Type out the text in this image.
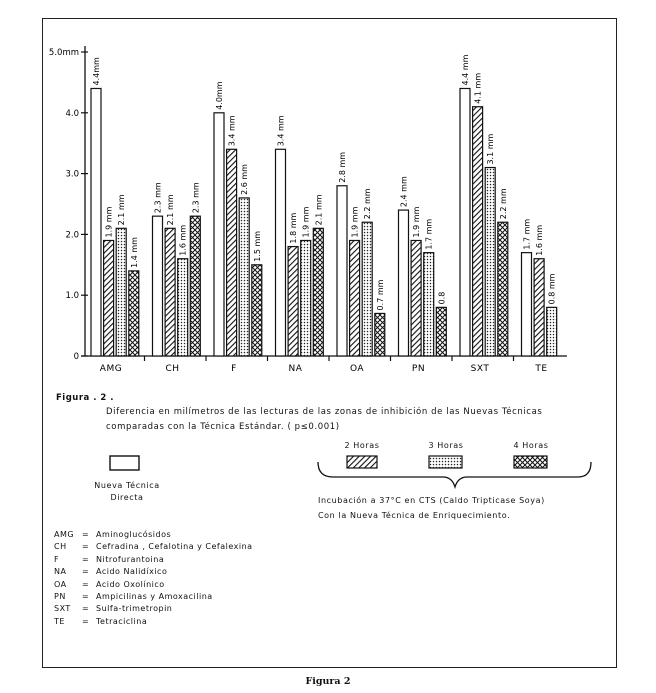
0
1.0
2.0
3.0
4.0
5.0mm
4.4mm
1.9 mm 2.1 mm
1.4 mm
2.3 mm 2.1 mm
1.6 mm
2.3 mm
4.0mm
3.4 mm
2.6 mm
1.5 mm
3.4 mm
1.8 mm 1.9 mm 2.1 mm
2.8 mm
1.9 mm
2.2 mm
0.7 mm
2.4 mm
1.9 mm 1.7 mm
0.8
4.4 mm
4.1 mm
3.1 mm
2.2 mm
1.7 mm 1.6 mm
0.8 mm
AMG	CH	F	NA	OA	PN	SXT	TE
Figura . 2 .
Diferencia en milímetros de las lecturas de las zonas de inhibición de las Nuevas Técnicas
comparadas con la Técnica Estándar. ( p≤0.001)
Nueva Técnica
Directa
2 Horas	3 Horas	4 Horas
Incubación a 37°C en CTS (Caldo Tripticase Soya)
Con la Nueva Técnica de Enriquecimiento.
AMG = Aminoglucósidos
CH	= Cefradina , Cefalotina y Cefalexina
F	= Nitrofurantoina
NA	= Acido Nalidíxico
OA	= Acido Oxolínico
PN	= Ampicilinas y Amoxacilina
SXT	= Sulfa-trimetropin
TE	= Tetraciclina
Figura 2
